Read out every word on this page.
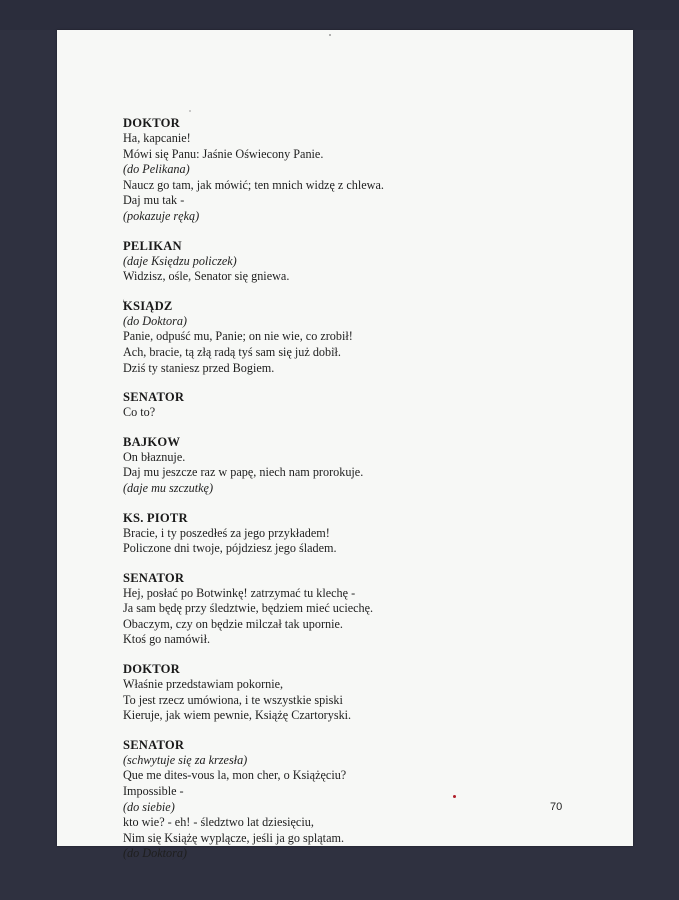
DOKTOR
Ha, kapcanie!
Mówi się Panu: Jaśnie Oświecony Panie.
(do Pelikana)
Naucz go tam, jak mówić; ten mnich widzę z chlewa.
Daj mu tak -
(pokazuje ręką)
PELIKAN
(daje Księdzu policzek)
Widzisz, ośle, Senator się gniewa.
KSIĄDZ
(do Doktora)
Panie, odpuść mu, Panie; on nie wie, co zrobił!
Ach, bracie, tą złą radą tyś sam się już dobił.
Dziś ty staniesz przed Bogiem.
SENATOR
Co to?
BAJKOW
On błaznuje.
Daj mu jeszcze raz w papę, niech nam prorokuje.
(daje mu szczutkę)
KS. PIOTR
Bracie, i ty poszedłeś za jego przykładem!
Policzone dni twoje, pójdziesz jego śladem.
SENATOR
Hej, posłać po Botwinkę! zatrzymać tu klechę -
Ja sam będę przy śledztwie, będziem mieć uciechę.
Obaczym, czy on będzie milczał tak upornie.
Ktoś go namówił.
DOKTOR
Właśnie przedstawiam pokornie,
To jest rzecz umówiona, i te wszystkie spiski
Kieruje, jak wiem pewnie, Książę Czartoryski.
SENATOR
(schwytuje się za krzesła)
Que me dites-vous la, mon cher, o Książęciu?
Impossible -
(do siebie)
kto wie? - eh! - śledztwo lat dziesięciu,
Nim się Książę wyplącze, jeśli ja go splątam.
(do Doktora)
70
